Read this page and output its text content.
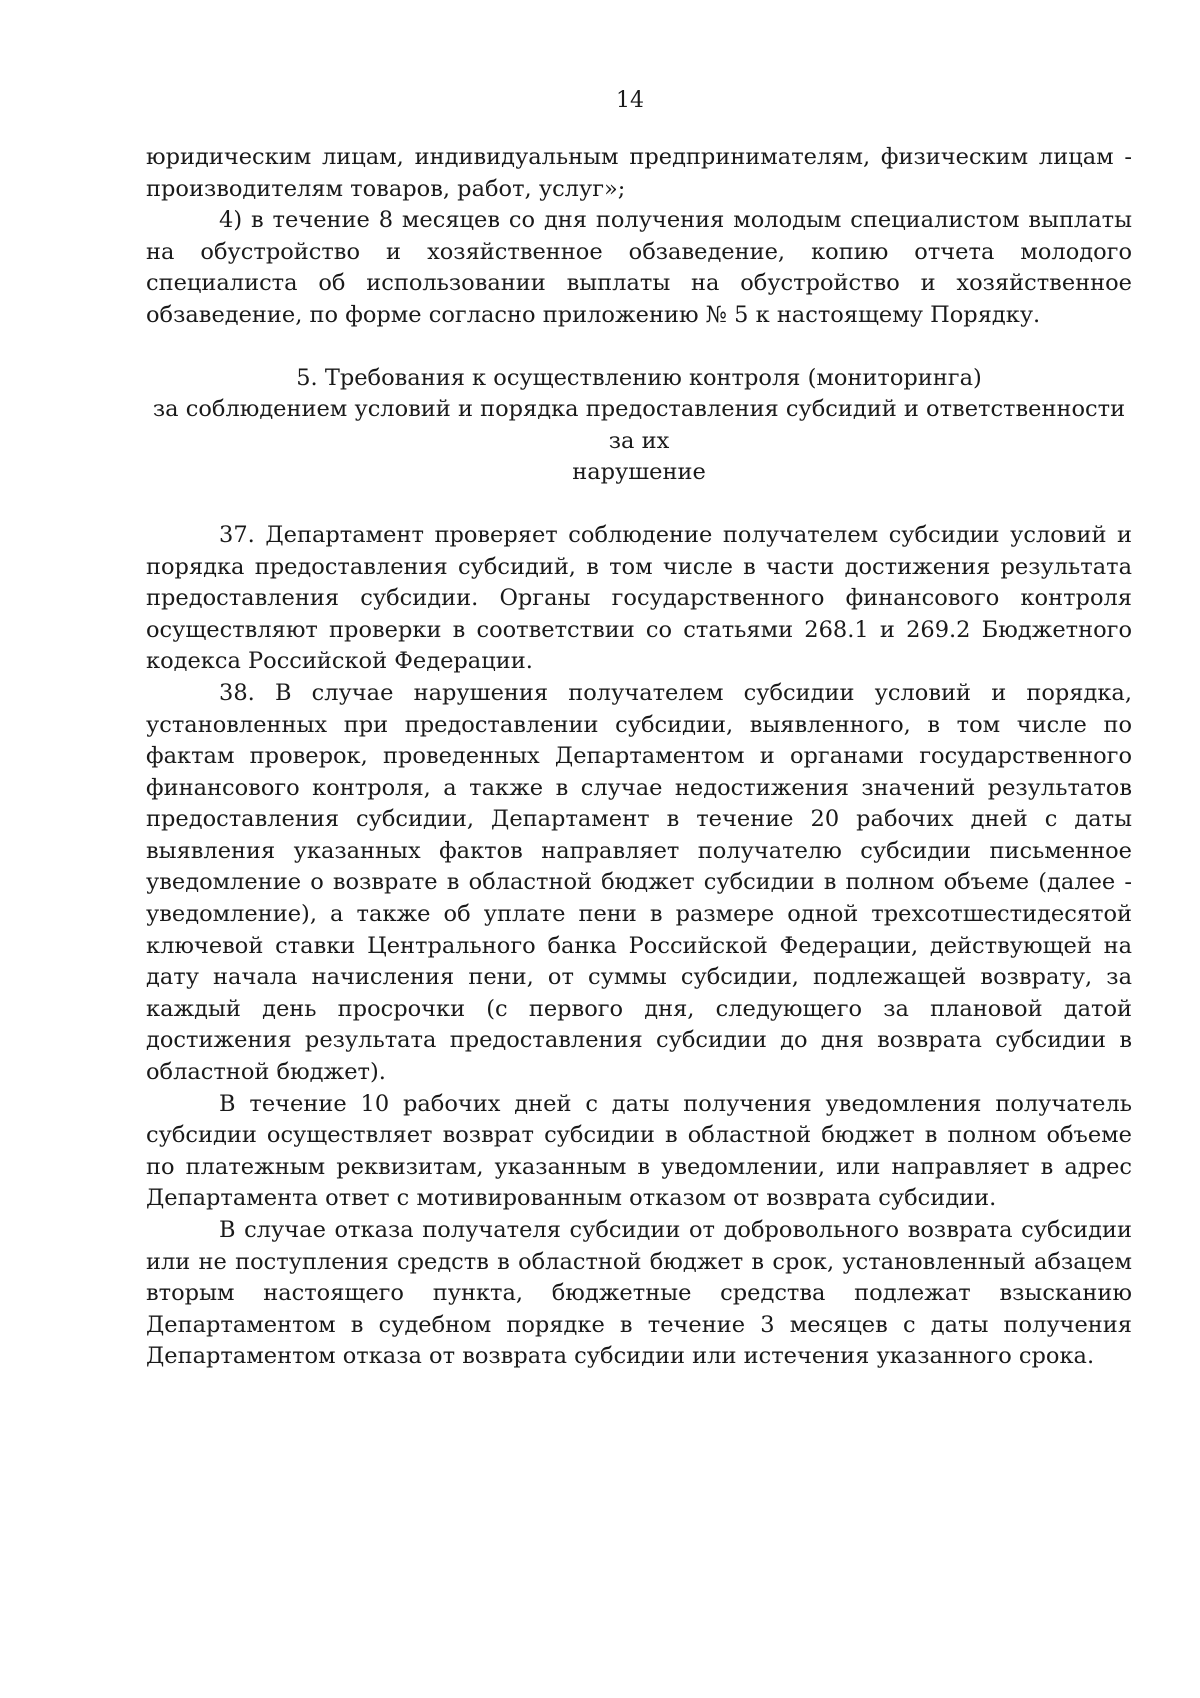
14

юридическим лицам, индивидуальным предпринимателям, физическим лицам - производителям товаров, работ, услуг»;

4) в течение 8 месяцев со дня получения молодым специалистом выплаты на обустройство и хозяйственное обзаведение, копию отчета молодого специалиста об использовании выплаты на обустройство и хозяйственное обзаведение, по форме согласно приложению № 5 к настоящему Порядку.

5. Требования к осуществлению контроля (мониторинга)
за соблюдением условий и порядка предоставления субсидий и ответственности за их
нарушение

37. Департамент проверяет соблюдение получателем субсидии условий и порядка предоставления субсидий, в том числе в части достижения результата предоставления субсидии. Органы государственного финансового контроля осуществляют проверки в соответствии со статьями 268.1 и 269.2 Бюджетного кодекса Российской Федерации.

38. В случае нарушения получателем субсидии условий и порядка, установленных при предоставлении субсидии, выявленного, в том числе по фактам проверок, проведенных Департаментом и органами государственного финансового контроля, а также в случае недостижения значений результатов предоставления субсидии, Департамент в течение 20 рабочих дней с даты выявления указанных фактов направляет получателю субсидии письменное уведомление о возврате в областной бюджет субсидии в полном объеме (далее - уведомление), а также об уплате пени в размере одной трехсотшестидесятой ключевой ставки Центрального банка Российской Федерации, действующей на дату начала начисления пени, от суммы субсидии, подлежащей возврату, за каждый день просрочки (с первого дня, следующего за плановой датой достижения результата предоставления субсидии до дня возврата субсидии в областной бюджет).

В течение 10 рабочих дней с даты получения уведомления получатель субсидии осуществляет возврат субсидии в областной бюджет в полном объеме по платежным реквизитам, указанным в уведомлении, или направляет в адрес Департамента ответ с мотивированным отказом от возврата субсидии.

В случае отказа получателя субсидии от добровольного возврата субсидии или не поступления средств в областной бюджет в срок, установленный абзацем вторым настоящего пункта, бюджетные средства подлежат взысканию Департаментом в судебном порядке в течение 3 месяцев с даты получения Департаментом отказа от возврата субсидии или истечения указанного срока.
